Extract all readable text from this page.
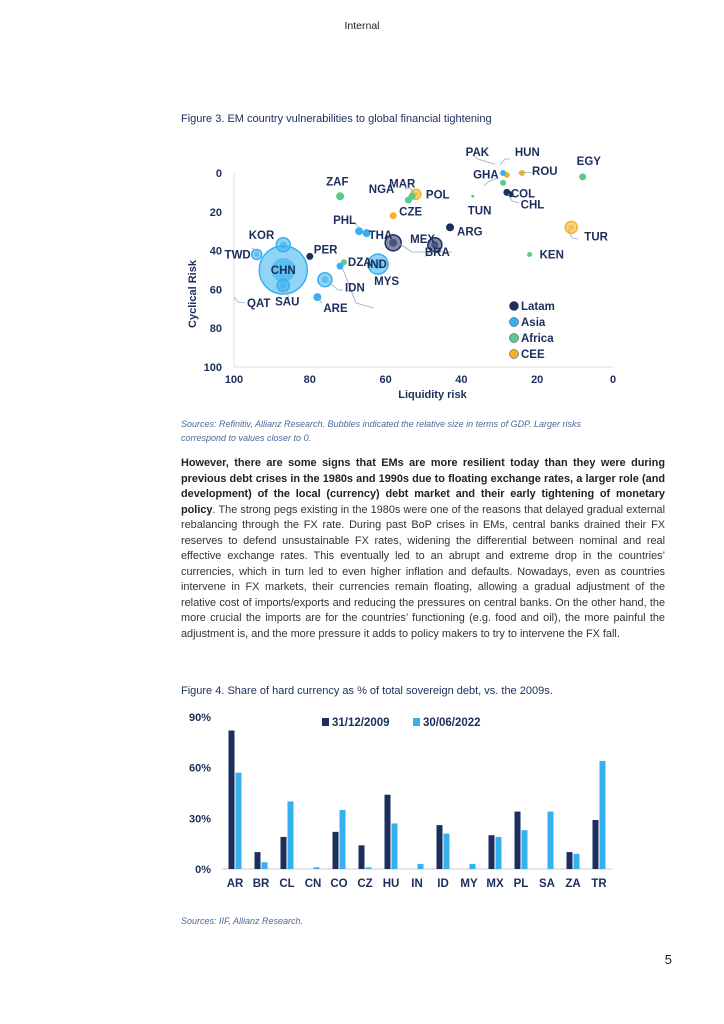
Internal
Figure 3. EM country vulnerabilities to global financial tightening
0
20
40
60
80
100
100	80	60	40	20	0
Liquidity risk
Cyclical Risk	CHN
SAU
KOR
TWD
QAT	ARE
IDN
MYS
IND
PHL
THA
PER
MEX
BRA
ARG
COL
CHL
ZAF
DZA
NGA
MAR
GHA
TUN
KEN
EGY
POL
CZE
HUN
PAK
ROU
TUR
Latam
Asia
Africa
CEE
Sources: Refinitiv, Allianz Research. Bubbles indicated the relative size in terms of GDP. Larger risks
correspond to values closer to 0.
However, there are some signs that EMs are more resilient today than they were during previous debt crises in the 1980s and 1990s due to floating exchange rates, a larger role (and development) of the local (currency) debt market and their early tightening of monetary policy. The strong pegs existing in the 1980s were one of the reasons that delayed gradual external rebalancing through the FX rate. During past BoP crises in EMs, central banks drained their FX reserves to defend unsustainable FX rates, widening the differential between nominal and real effective exchange rates. This eventually led to an abrupt and extreme drop in the countries’ currencies, which in turn led to even higher inflation and defaults. Nowadays, even as countries intervene in FX markets, their currencies remain floating, allowing a gradual adjustment of the relative cost of imports/exports and reducing the pressures on central banks. On the other hand, the more crucial the imports are for the countries’ functioning (e.g. food and oil), the more painful the adjustment is, and the more pressure it adds to policy makers to try to intervene the FX fall.
Figure 4. Share of hard currency as % of total sovereign debt, vs. the 2009s.
0%
30%
60%
90%
AR BR CL CN CO CZ HU IN ID MY MX PL SA ZA TR
31/12/2009	30/06/2022
Sources: IIF, Allianz Research.
5
